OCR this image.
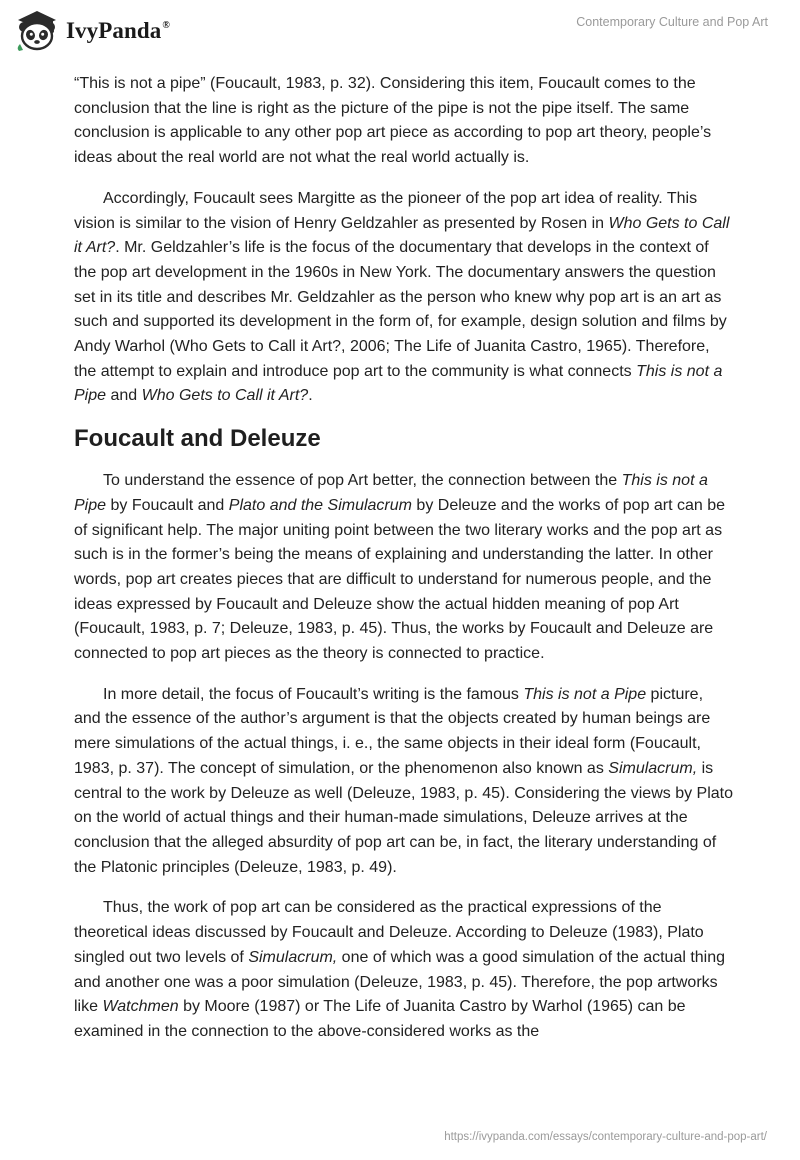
IvyPanda®	Contemporary Culture and Pop Art

“This is not a pipe” (Foucault, 1983, p. 32). Considering this item, Foucault comes to the conclusion that the line is right as the picture of the pipe is not the pipe itself. The same conclusion is applicable to any other pop art piece as according to pop art theory, people’s ideas about the real world are not what the real world actually is.

Accordingly, Foucault sees Margitte as the pioneer of the pop art idea of reality. This vision is similar to the vision of Henry Geldzahler as presented by Rosen in Who Gets to Call it Art?. Mr. Geldzahler’s life is the focus of the documentary that develops in the context of the pop art development in the 1960s in New York. The documentary answers the question set in its title and describes Mr. Geldzahler as the person who knew why pop art is an art as such and supported its development in the form of, for example, design solution and films by Andy Warhol (Who Gets to Call it Art?, 2006; The Life of Juanita Castro, 1965). Therefore, the attempt to explain and introduce pop art to the community is what connects This is not a Pipe and Who Gets to Call it Art?.

Foucault and Deleuze

To understand the essence of pop Art better, the connection between the This is not a Pipe by Foucault and Plato and the Simulacrum by Deleuze and the works of pop art can be of significant help. The major uniting point between the two literary works and the pop art as such is in the former’s being the means of explaining and understanding the latter. In other words, pop art creates pieces that are difficult to understand for numerous people, and the ideas expressed by Foucault and Deleuze show the actual hidden meaning of pop Art (Foucault, 1983, p. 7; Deleuze, 1983, p. 45). Thus, the works by Foucault and Deleuze are connected to pop art pieces as the theory is connected to practice.

In more detail, the focus of Foucault’s writing is the famous This is not a Pipe picture, and the essence of the author’s argument is that the objects created by human beings are mere simulations of the actual things, i. e., the same objects in their ideal form (Foucault, 1983, p. 37). The concept of simulation, or the phenomenon also known as Simulacrum, is central to the work by Deleuze as well (Deleuze, 1983, p. 45). Considering the views by Plato on the world of actual things and their human-made simulations, Deleuze arrives at the conclusion that the alleged absurdity of pop art can be, in fact, the literary understanding of the Platonic principles (Deleuze, 1983, p. 49).

Thus, the work of pop art can be considered as the practical expressions of the theoretical ideas discussed by Foucault and Deleuze. According to Deleuze (1983), Plato singled out two levels of Simulacrum, one of which was a good simulation of the actual thing and another one was a poor simulation (Deleuze, 1983, p. 45). Therefore, the pop artworks like Watchmen by Moore (1987) or The Life of Juanita Castro by Warhol (1965) can be examined in the connection to the above-considered works as the

https://ivypanda.com/essays/contemporary-culture-and-pop-art/
